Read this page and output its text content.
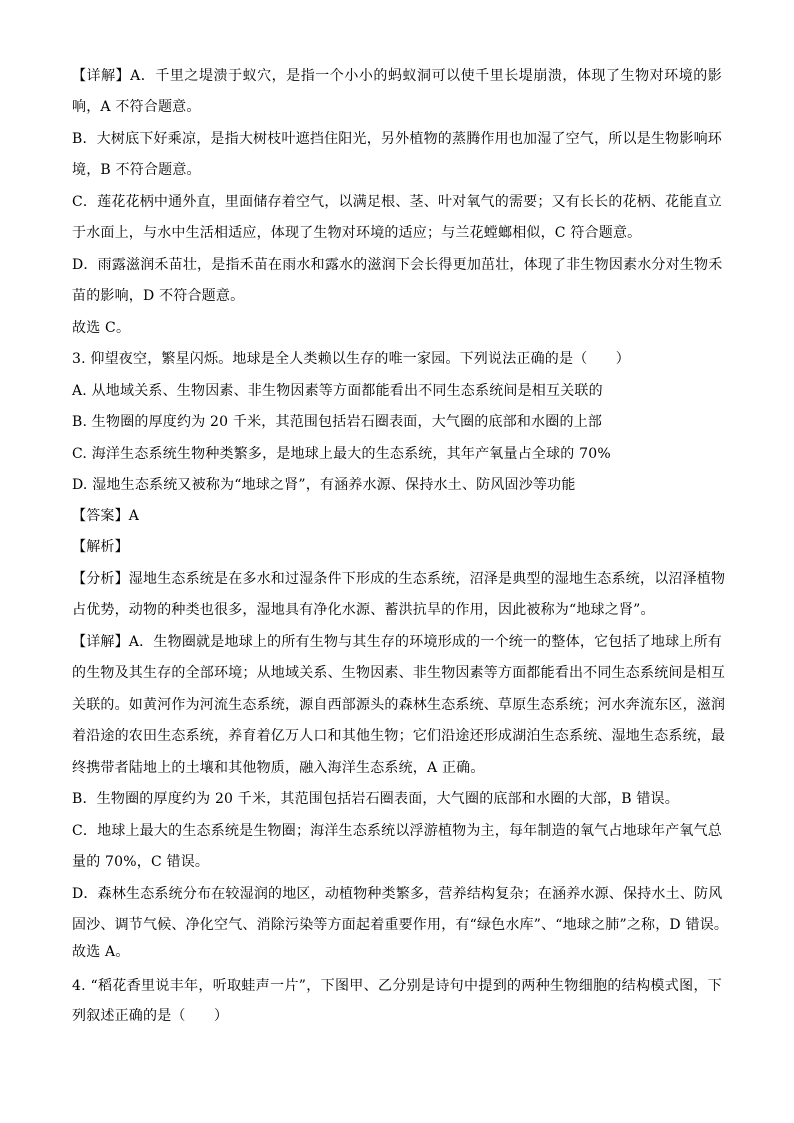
【详解】A．千里之堤溃于蚁穴，是指一个小小的蚂蚁洞可以使千里长堤崩溃，体现了生物对环境的影
响，A 不符合题意。
B．大树底下好乘凉，是指大树枝叶遮挡住阳光，另外植物的蒸腾作用也加湿了空气，所以是生物影响环
境，B 不符合题意。
C．莲花花柄中通外直，里面储存着空气，以满足根、茎、叶对氧气的需要；又有长长的花柄、花能直立
于水面上，与水中生活相适应，体现了生物对环境的适应；与兰花螳螂相似，C 符合题意。
D．雨露滋润禾苗壮，是指禾苗在雨水和露水的滋润下会长得更加茁壮，体现了非生物因素水分对生物禾
苗的影响，D 不符合题意。
故选 C。
3. 仰望夜空，繁星闪烁。地球是全人类赖以生存的唯一家园。下列说法正确的是（　　）
A. 从地域关系、生物因素、非生物因素等方面都能看出不同生态系统间是相互关联的
B. 生物圈的厚度约为 20 千米，其范围包括岩石圈表面，大气圈的底部和水圈的上部
C. 海洋生态系统生物种类繁多，是地球上最大的生态系统，其年产氧量占全球的 70%
D. 湿地生态系统又被称为“地球之肾”，有涵养水源、保持水土、防风固沙等功能
【答案】A
【解析】
【分析】湿地生态系统是在多水和过湿条件下形成的生态系统，沼泽是典型的湿地生态系统，以沼泽植物
占优势，动物的种类也很多，湿地具有净化水源、蓄洪抗旱的作用，因此被称为“地球之肾”。
【详解】A．生物圈就是地球上的所有生物与其生存的环境形成的一个统一的整体，它包括了地球上所有
的生物及其生存的全部环境；从地域关系、生物因素、非生物因素等方面都能看出不同生态系统间是相互
关联的。如黄河作为河流生态系统，源自西部源头的森林生态系统、草原生态系统；河水奔流东区，滋润
着沿途的农田生态系统，养育着亿万人口和其他生物；它们沿途还形成湖泊生态系统、湿地生态系统，最
终携带者陆地上的土壤和其他物质，融入海洋生态系统，A 正确。
B．生物圈的厚度约为 20 千米，其范围包括岩石圈表面，大气圈的底部和水圈的大部，B 错误。
C．地球上最大的生态系统是生物圈；海洋生态系统以浮游植物为主，每年制造的氧气占地球年产氧气总
量的 70%，C 错误。
D．森林生态系统分布在较湿润的地区，动植物种类繁多，营养结构复杂；在涵养水源、保持水土、防风
固沙、调节气候、净化空气、消除污染等方面起着重要作用，有“绿色水库”、“地球之肺”之称，D 错误。
故选 A。
4. “稻花香里说丰年，听取蛙声一片”，下图甲、乙分别是诗句中提到的两种生物细胞的结构模式图，下
列叙述正确的是（　　）
